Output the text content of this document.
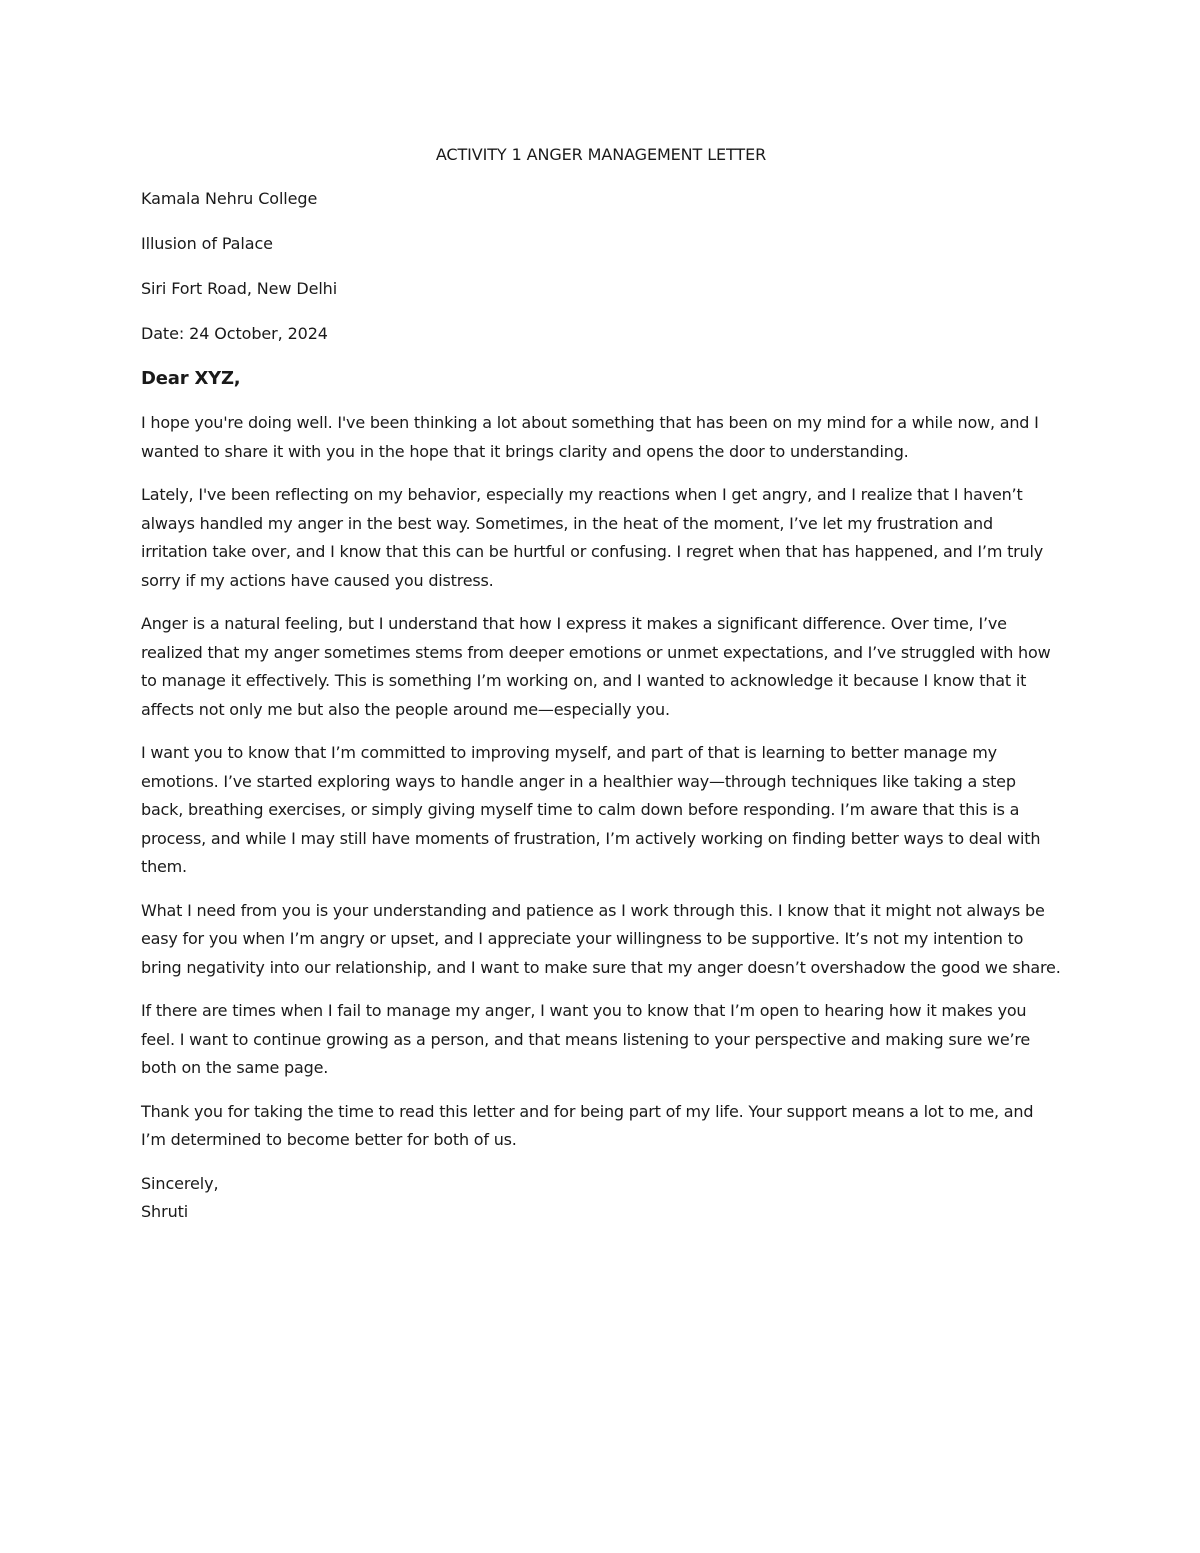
ACTIVITY 1 ANGER MANAGEMENT LETTER
Kamala Nehru College
Illusion of Palace
Siri Fort Road, New Delhi
Date: 24 October, 2024
Dear XYZ,

I hope you're doing well. I've been thinking a lot about something that has been on my mind for a while now, and I wanted to share it with you in the hope that it brings clarity and opens the door to understanding.

Lately, I've been reflecting on my behavior, especially my reactions when I get angry, and I realize that I haven’t always handled my anger in the best way. Sometimes, in the heat of the moment, I’ve let my frustration and irritation take over, and I know that this can be hurtful or confusing. I regret when that has happened, and I’m truly sorry if my actions have caused you distress.

Anger is a natural feeling, but I understand that how I express it makes a significant difference. Over time, I’ve realized that my anger sometimes stems from deeper emotions or unmet expectations, and I’ve struggled with how to manage it effectively. This is something I’m working on, and I wanted to acknowledge it because I know that it affects not only me but also the people around me—especially you.

I want you to know that I’m committed to improving myself, and part of that is learning to better manage my emotions. I’ve started exploring ways to handle anger in a healthier way—through techniques like taking a step back, breathing exercises, or simply giving myself time to calm down before responding. I’m aware that this is a process, and while I may still have moments of frustration, I’m actively working on finding better ways to deal with them.

What I need from you is your understanding and patience as I work through this. I know that it might not always be easy for you when I’m angry or upset, and I appreciate your willingness to be supportive. It’s not my intention to bring negativity into our relationship, and I want to make sure that my anger doesn’t overshadow the good we share.

If there are times when I fail to manage my anger, I want you to know that I’m open to hearing how it makes you feel. I want to continue growing as a person, and that means listening to your perspective and making sure we’re both on the same page.

Thank you for taking the time to read this letter and for being part of my life. Your support means a lot to me, and I’m determined to become better for both of us.

Sincerely,
Shruti
